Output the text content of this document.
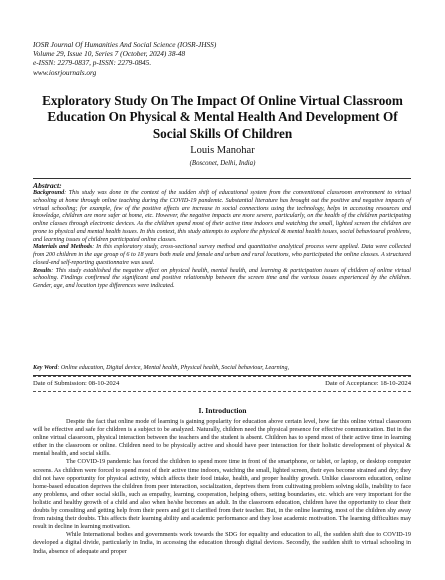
IOSR Journal Of Humanities And Social Science (IOSR-JHSS)
Volume 29, Issue 10, Series 7 (October, 2024) 38-48
e-ISSN: 2279-0837, p-ISSN: 2279-0845.
www.iosrjournals.org
Exploratory Study On The Impact Of Online Virtual Classroom Education On Physical & Mental Health And Development Of Social Skills Of Children
Louis Manohar
(Bosconet, Delhi, India)
Abstract:

Background: This study was done in the context of the sudden shift of educational system from the conventional classroom environment to virtual schooling at home through online teaching during the COVID-19 pandemic. Substantial literature has brought out the positive and negative impacts of virtual schooling; for example, few of the positive effects are increase in social connections using the technology, helps in accessing resources and knowledge, children are more safer at home, etc. However, the negative impacts are more severe, particularly, on the health of the children participating online classes through electronic devices. As the children spend most of their active time indoors and watching the small, lighted screen the children are prone to physical and mental health issues. In this context, this study attempts to explore the physical & mental health issues, social behavioural problems, and learning issues of children participated online classes.

Materials and Methods: In this exploratory study, cross-sectional survey method and quantitative analytical process were applied. Data were collected from 200 children in the age group of 6 to 18 years both male and female and urban and rural locations, who participated the online classes. A structured closed-end self-reporting questionnaire was used.

Results: This study established the negative effect on physical health, mental health, and learning & participation issues of children of online virtual schooling. Findings confirmed the significant and positive relationship between the screen time and the various issues experienced by the children. Gender, age, and location type differences were indicated.

Key Word: Online education, Digital device, Mental health, Physical health, Social behaviour, Learning,
Date of Submission: 08-10-2024	Date of Acceptance: 18-10-2024
I. Introduction

Despite the fact that online mode of learning is gaining popularity for education above certain level, how far this online virtual classroom will be effective and safe for children is a subject to be analyzed. Naturally, children need the physical presence for effective communication. But in the online virtual classroom, physical interaction between the teachers and the student is absent. Children has to spend most of their active time in learning either in the classroom or online. Children need to be physically active and should have peer interaction for their holistic development of physical & mental health, and social skills.

The COVID-19 pandemic has forced the children to spend more time in front of the smartphone, or tablet, or laptop, or desktop computer screens. As children were forced to spend most of their active time indoors, watching the small, lighted screen, their eyes become strained and dry; they did not have opportunity for physical activity, which affects their food intake, health, and proper healthy growth. Unlike classroom education, online home-based education deprives the children from peer interaction, socialization, deprives them from cultivating problem solving skills, inability to face any problems, and other social skills, such as empathy, learning, cooperation, helping others, setting boundaries, etc. which are very important for the holistic and healthy growth of a child and also when he/she becomes an adult. In the classroom education, children have the opportunity to clear their doubts by consulting and getting help from their peers and get it clarified from their teacher. But, in the online learning, most of the children shy away from raising their doubts. This affects their learning ability and academic performance and they lose academic motivation. The learning difficulties may result in decline in learning motivation.

While International bodies and governments work towards the SDG for equality and education to all, the sudden shift due to COVID-19 developed a digital divide, particularly in India, in accessing the education through digital devices. Secondly, the sudden shift to virtual schooling in India, absence of adequate and proper
